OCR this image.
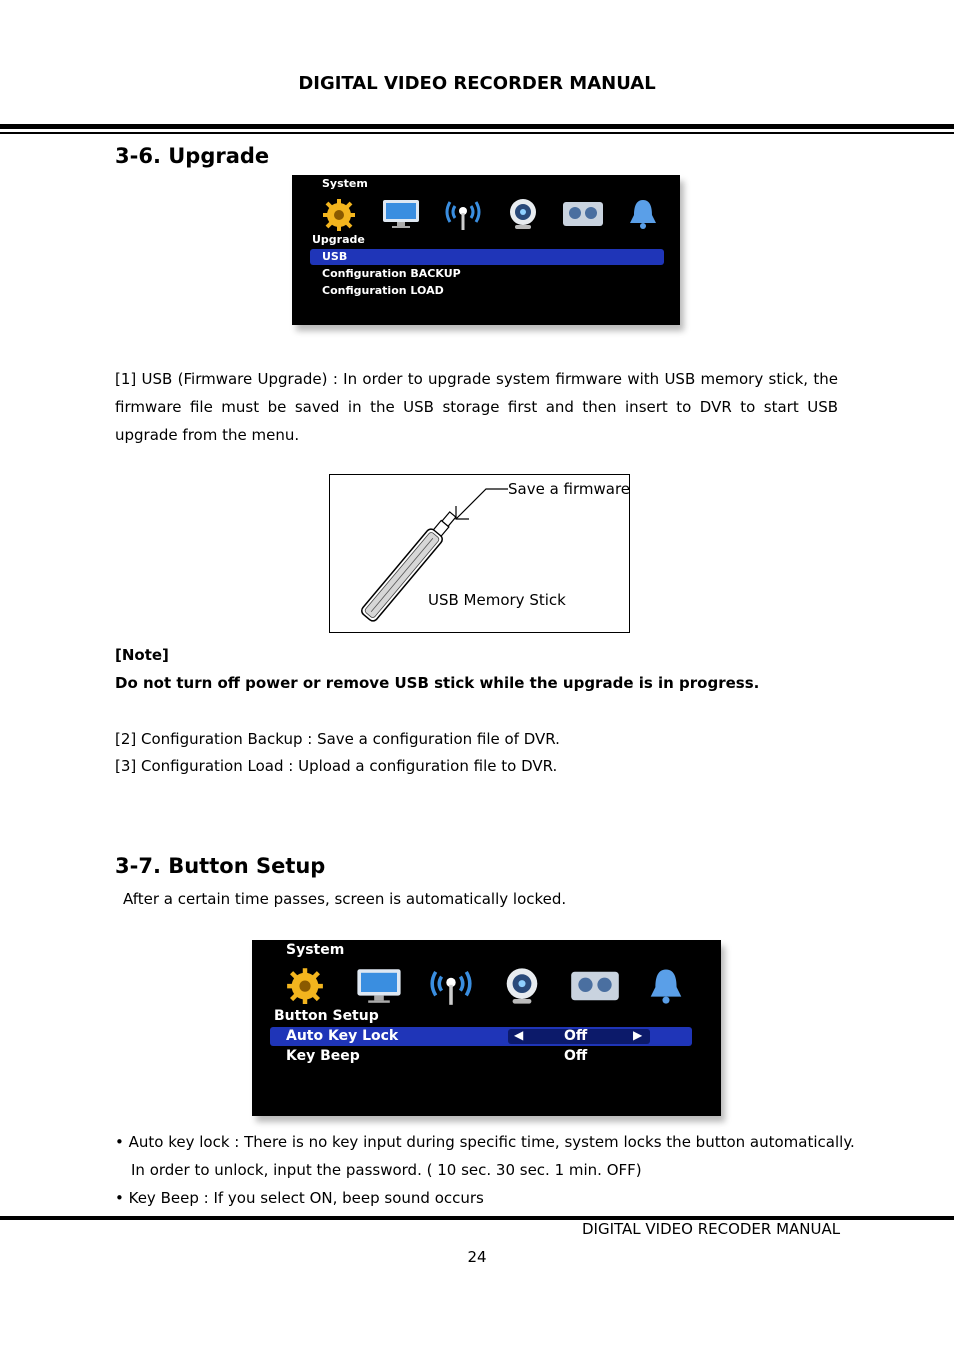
DIGITAL VIDEO RECORDER MANUAL
3-6. Upgrade
System
Upgrade
USB
Configuration BACKUP
Configuration LOAD
[1] USB (Firmware Upgrade) : In order to upgrade system firmware with USB memory stick, the firmware file must be saved in the USB storage first and then insert to DVR to start USB upgrade from the menu.
Save a firmware
USB Memory Stick
[Note]
Do not turn off power or remove USB stick while the upgrade is in progress.
[2] Configuration Backup : Save a configuration file of DVR.
[3] Configuration Load : Upload a configuration file to DVR.
3-7. Button Setup
After a certain time passes, screen is automatically locked.
System
Button Setup
Auto Key Lock	◀	Off	▶
Key Beep	Off
• Auto key lock : There is no key input during specific time, system locks the button automatically.
In order to unlock, input the password. ( 10 sec. 30 sec. 1 min. OFF)
• Key Beep : If you select ON, beep sound occurs
DIGITAL VIDEO RECODER MANUAL
24
